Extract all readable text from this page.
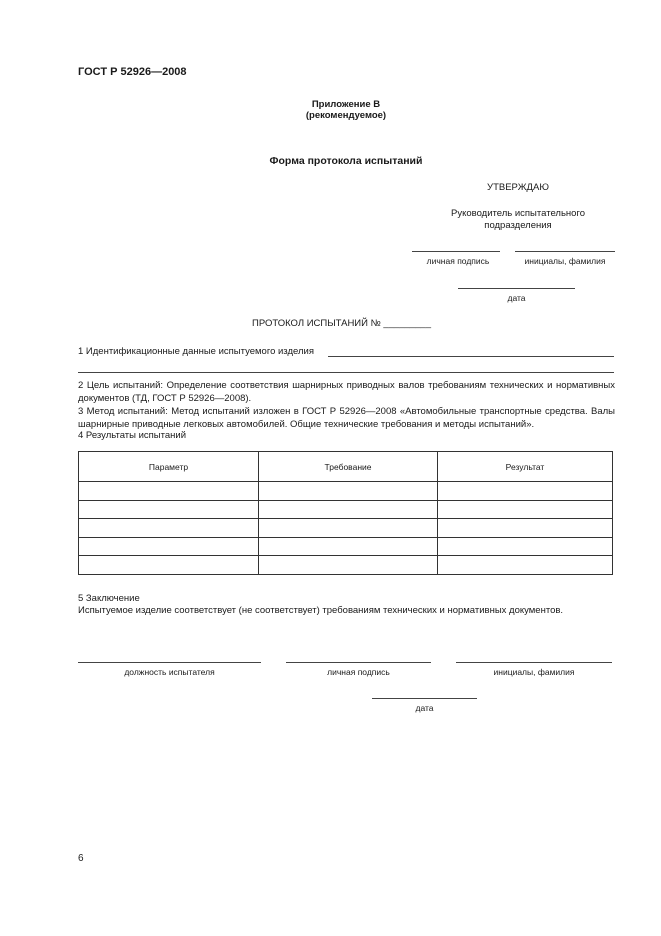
ГОСТ Р 52926—2008
Приложение В
(рекомендуемое)
Форма протокола испытаний
УТВЕРЖДАЮ
Руководитель испытательного
подразделения
личная подпись	инициалы, фамилия
дата
ПРОТОКОЛ ИСПЫТАНИЙ № _________
1 Идентификационные данные испытуемого изделия
2 Цель испытаний: Определение соответствия шарнирных приводных валов требованиям технических и нормативных документов (ТД, ГОСТ Р 52926—2008).
3 Метод испытаний: Метод испытаний изложен в ГОСТ Р 52926—2008 «Автомобильные транспортные средства. Валы шарнирные приводные легковых автомобилей. Общие технические требования и методы испытаний».
4 Результаты испытаний
Параметр	Требование	Результат

5 Заключение
Испытуемое изделие соответствует (не соответствует) требованиям технических и нормативных документов.
должность испытателя	личная подпись	инициалы, фамилия
дата
6
